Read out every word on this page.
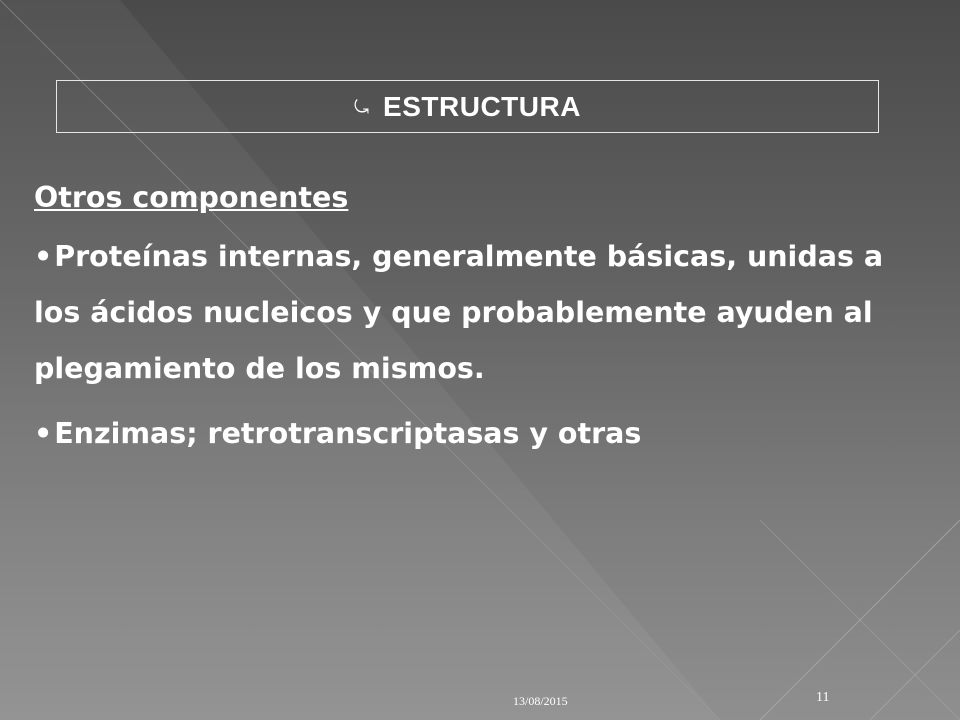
⤿ ESTRUCTURA
Otros componentes
•Proteínas internas, generalmente básicas, unidas a los ácidos nucleicos y que probablemente ayuden al plegamiento de los mismos.
•Enzimas; retrotranscriptasas y otras
13/08/2015	11
